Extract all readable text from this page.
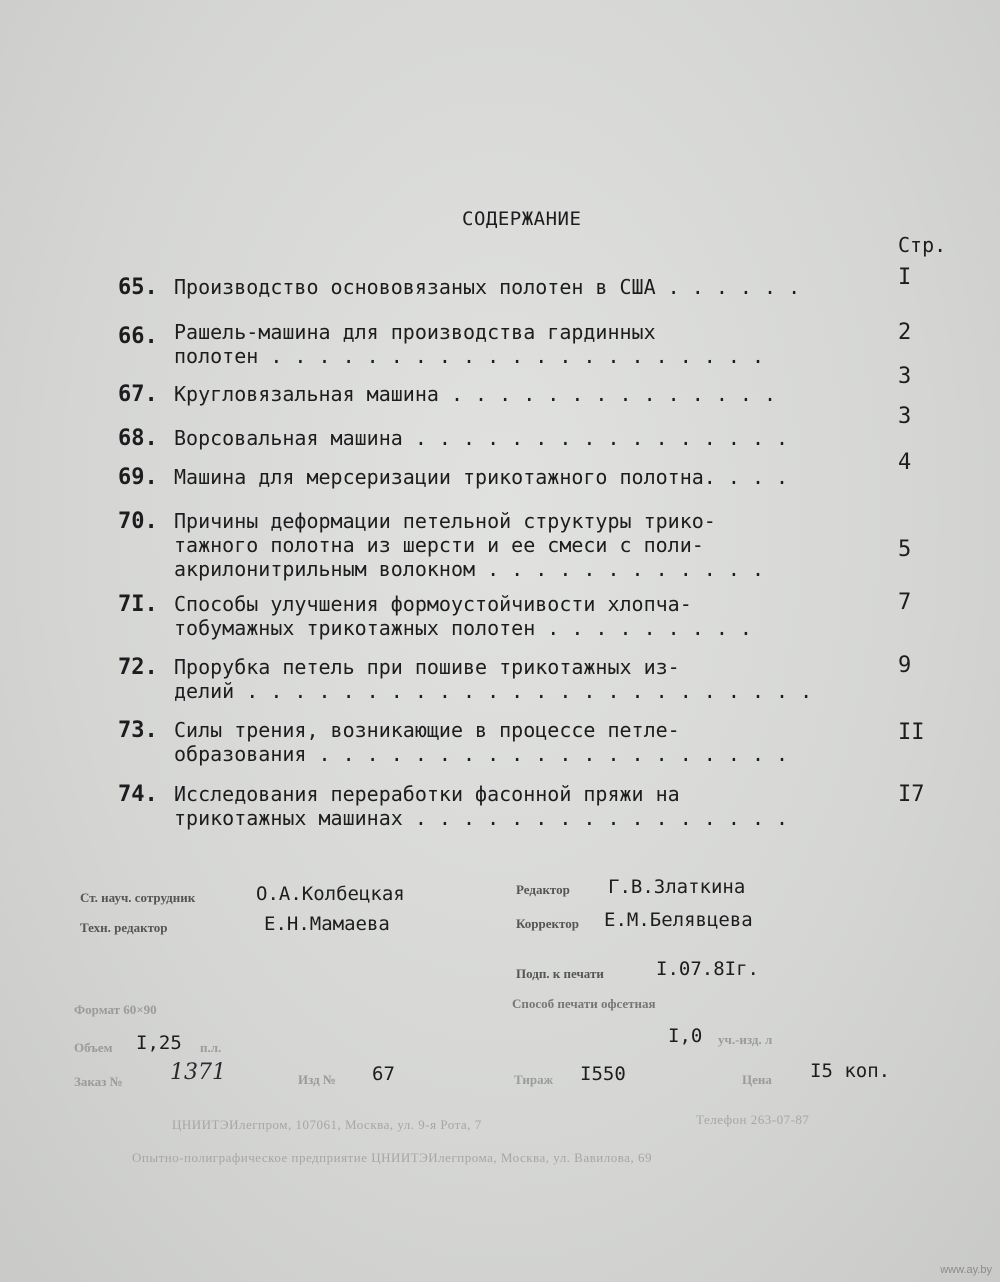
СОДЕРЖАНИЕ
Стр.
65. Производство основовязаных полотен в США . . . . . .	I
66. Рашель-машина для производства гардинных
полотен . . . . . . . . . . . . . . . . . . . . .
2
67. Кругловязальная машина . . . . . . . . . . . . . .
3
68. Ворсовальная машина . . . . . . . . . . . . . . . .
3
69. Машина для мерсеризации трикотажного полотна. . . .
4
70. Причины деформации петельной структуры трико-
тажного полотна из шерсти и ее смеси с поли-
акрилонитрильным волокном . . . . . . . . . . . .
5
7I. Способы улучшения формоустойчивости хлопча-
тобумажных трикотажных полотен . . . . . . . . .
7
72. Прорубка петель при пошиве трикотажных из-
делий . . . . . . . . . . . . . . . . . . . . . . . .
9
73. Силы трения, возникающие в процессе петле-
образования . . . . . . . . . . . . . . . . . . . .
II
74. Исследования переработки фасонной пряжи на
трикотажных машинах . . . . . . . . . . . . . . . .
I7
Ст. науч. сотрудник	О.А.Колбецкая
Техн. редактор	Е.Н.Мамаева
Редактор Г.В.Златкина
Корректор Е.М.Белявцева
Подп. к печати	I.07.8Iг.
Способ печати офсетная
Формат 60×90
Объем I,25 п.л.
I,0 уч.-изд. л
Заказ № 1371	Изд № 67	Тираж I550	Цена I5 коп.
ЦНИИТЭИлегпром, 107061, Москва, ул. 9-я Рота, 7	Телефон 263-07-87
Опытно-полиграфическое предприятие ЦНИИТЭИлегпрома, Москва, ул. Вавилова, 69
www.ay.by
